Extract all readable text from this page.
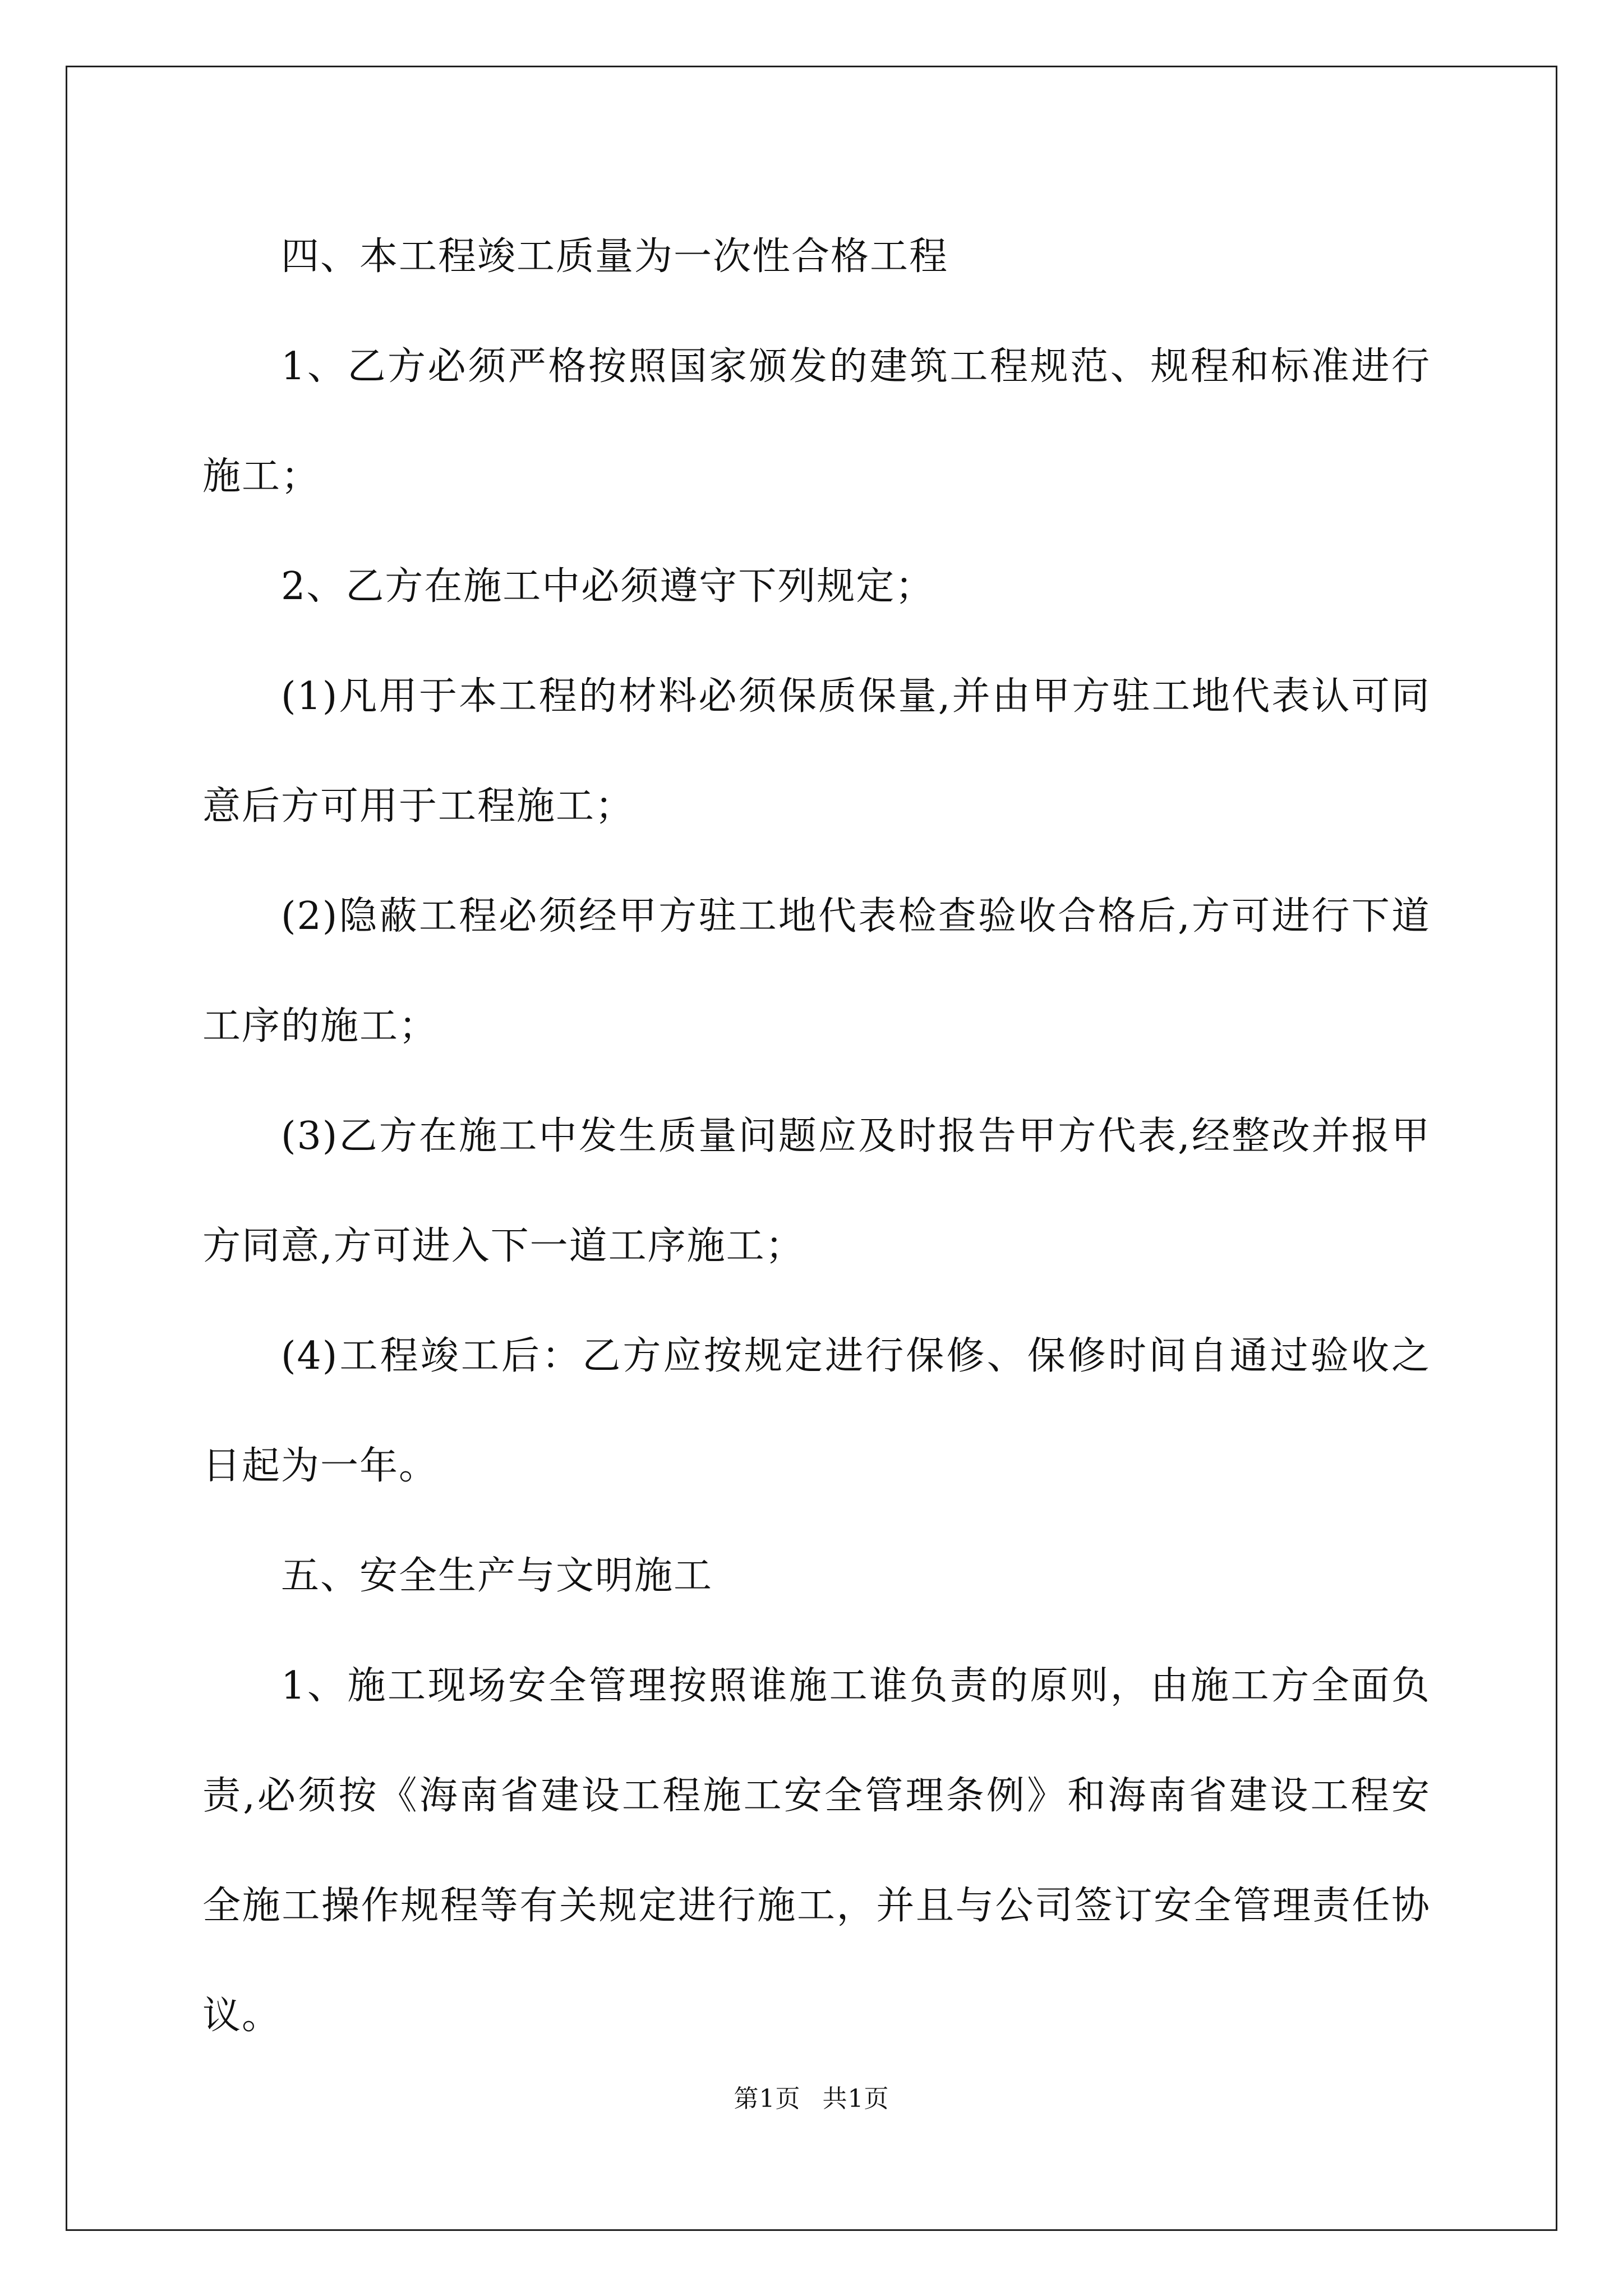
四、本工程竣工质量为一次性合格工程

1、乙方必须严格按照国家颁发的建筑工程规范、规程和标准进行施工；

2、乙方在施工中必须遵守下列规定；

(1)凡用于本工程的材料必须保质保量,并由甲方驻工地代表认可同意后方可用于工程施工；

(2)隐蔽工程必须经甲方驻工地代表检查验收合格后,方可进行下道工序的施工；

(3)乙方在施工中发生质量问题应及时报告甲方代表,经整改并报甲方同意,方可进入下一道工序施工；

(4)工程竣工后：乙方应按规定进行保修、保修时间自通过验收之日起为一年。

五、安全生产与文明施工

1、施工现场安全管理按照谁施工谁负责的原则，由施工方全面负责,必须按《海南省建设工程施工安全管理条例》和海南省建设工程安全施工操作规程等有关规定进行施工，并且与公司签订安全管理责任协议。

第1页 共1页
